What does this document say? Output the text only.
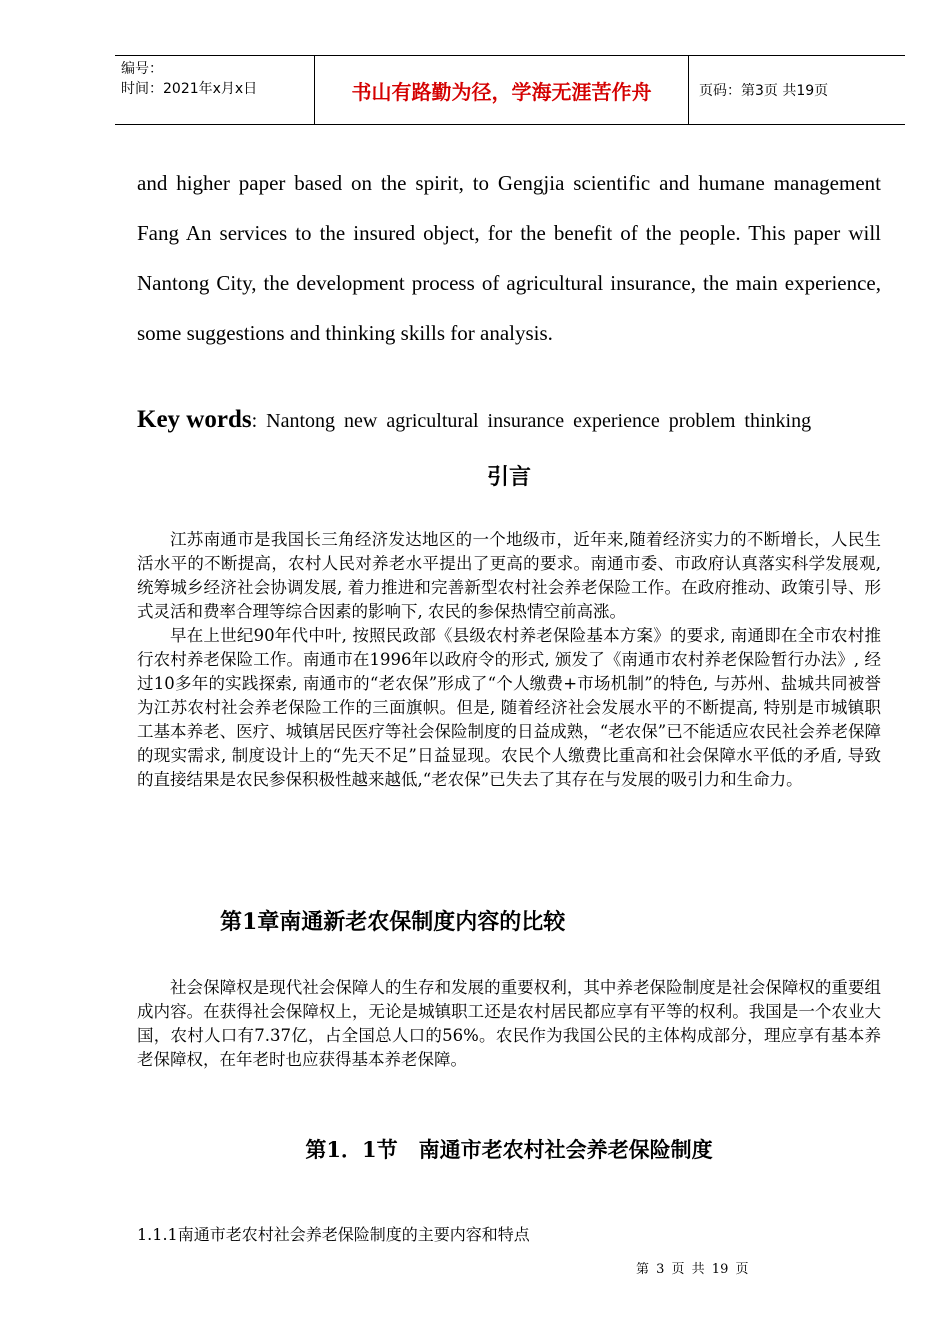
编号：
时间：2021年x月x日	书山有路勤为径，学海无涯苦作舟	页码：第3页 共19页

and higher paper based on the spirit, to Gengjia scientific and humane management Fang An services to the insured object, for the benefit of the people. This paper will Nantong City, the development process of agricultural insurance, the main experience, some suggestions and thinking skills for analysis.

Key words: Nantong new agricultural insurance experience problem thinking
引言

江苏南通市是我国长三角经济发达地区的一个地级市，近年来,随着经济实力的不断增长，人民生活水平的不断提高，农村人民对养老水平提出了更高的要求。南通市委、市政府认真落实科学发展观, 统筹城乡经济社会协调发展, 着力推进和完善新型农村社会养老保险工作。在政府推动、政策引导、形式灵活和费率合理等综合因素的影响下, 农民的参保热情空前高涨。

早在上世纪90年代中叶, 按照民政部《县级农村养老保险基本方案》的要求, 南通即在全市农村推行农村养老保险工作。南通市在1996年以政府令的形式, 颁发了《南通市农村养老保险暂行办法》, 经过10多年的实践探索, 南通市的“老农保”形成了“个人缴费+市场机制”的特色, 与苏州、盐城共同被誉为江苏农村社会养老保险工作的三面旗帜。但是, 随着经济社会发展水平的不断提高, 特别是市城镇职工基本养老、医疗、城镇居民医疗等社会保险制度的日益成熟，“老农保”已不能适应农民社会养老保障的现实需求, 制度设计上的“先天不足”日益显现。农民个人缴费比重高和社会保障水平低的矛盾, 导致的直接结果是农民参保积极性越来越低,“老农保”已失去了其存在与发展的吸引力和生命力。

第1章南通新老农保制度内容的比较

社会保障权是现代社会保障人的生存和发展的重要权利，其中养老保险制度是社会保障权的重要组成内容。在获得社会保障权上，无论是城镇职工还是农村居民都应享有平等的权利。我国是一个农业大国，农村人口有7.37亿，占全国总人口的56%。农民作为我国公民的主体构成部分，理应享有基本养老保障权，在年老时也应获得基本养老保障。

第1．1节　南通市老农村社会养老保险制度

1.1.1南通市老农村社会养老保险制度的主要内容和特点

第 3 页 共 19 页
